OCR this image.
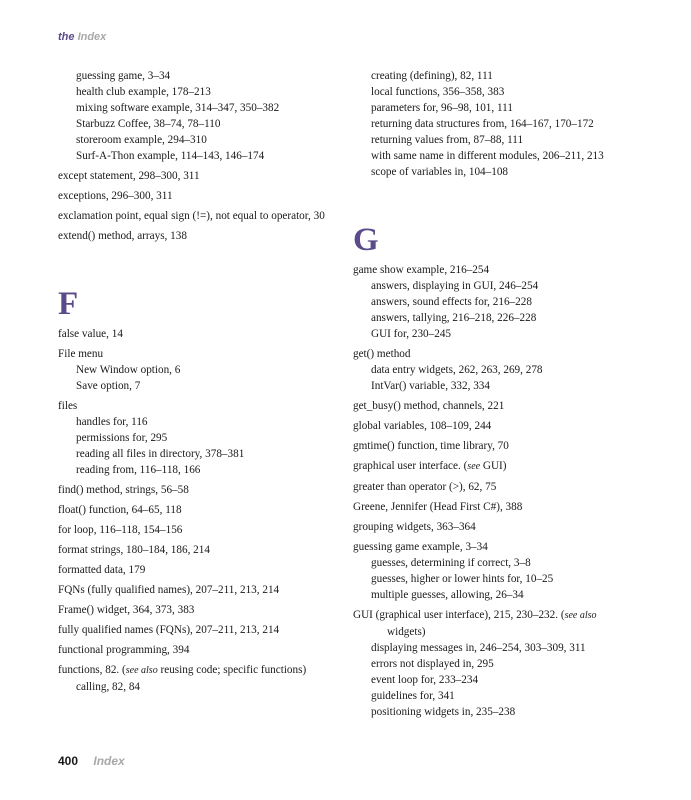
the Index
guessing game, 3–34
health club example, 178–213
mixing software example, 314–347, 350–382
Starbuzz Coffee, 38–74, 78–110
storeroom example, 294–310
Surf-A-Thon example, 114–143, 146–174
except statement, 298–300, 311
exceptions, 296–300, 311
exclamation point, equal sign (!=), not equal to operator, 30
extend() method, arrays, 138
F
false value, 14
File menu
New Window option, 6
Save option, 7
files
handles for, 116
permissions for, 295
reading all files in directory, 378–381
reading from, 116–118, 166
find() method, strings, 56–58
float() function, 64–65, 118
for loop, 116–118, 154–156
format strings, 180–184, 186, 214
formatted data, 179
FQNs (fully qualified names), 207–211, 213, 214
Frame() widget, 364, 373, 383
fully qualified names (FQNs), 207–211, 213, 214
functional programming, 394
functions, 82. (see also reusing code; specific functions)
calling, 82, 84
creating (defining), 82, 111
local functions, 356–358, 383
parameters for, 96–98, 101, 111
returning data structures from, 164–167, 170–172
returning values from, 87–88, 111
with same name in different modules, 206–211, 213
scope of variables in, 104–108
G
game show example, 216–254
answers, displaying in GUI, 246–254
answers, sound effects for, 216–228
answers, tallying, 216–218, 226–228
GUI for, 230–245
get() method
data entry widgets, 262, 263, 269, 278
IntVar() variable, 332, 334
get_busy() method, channels, 221
global variables, 108–109, 244
gmtime() function, time library, 70
graphical user interface. (see GUI)
greater than operator (>), 62, 75
Greene, Jennifer (Head First C#), 388
grouping widgets, 363–364
guessing game example, 3–34
guesses, determining if correct, 3–8
guesses, higher or lower hints for, 10–25
multiple guesses, allowing, 26–34
GUI (graphical user interface), 215, 230–232. (see also widgets)
displaying messages in, 246–254, 303–309, 311
errors not displayed in, 295
event loop for, 233–234
guidelines for, 341
positioning widgets in, 235–238
400 Index
